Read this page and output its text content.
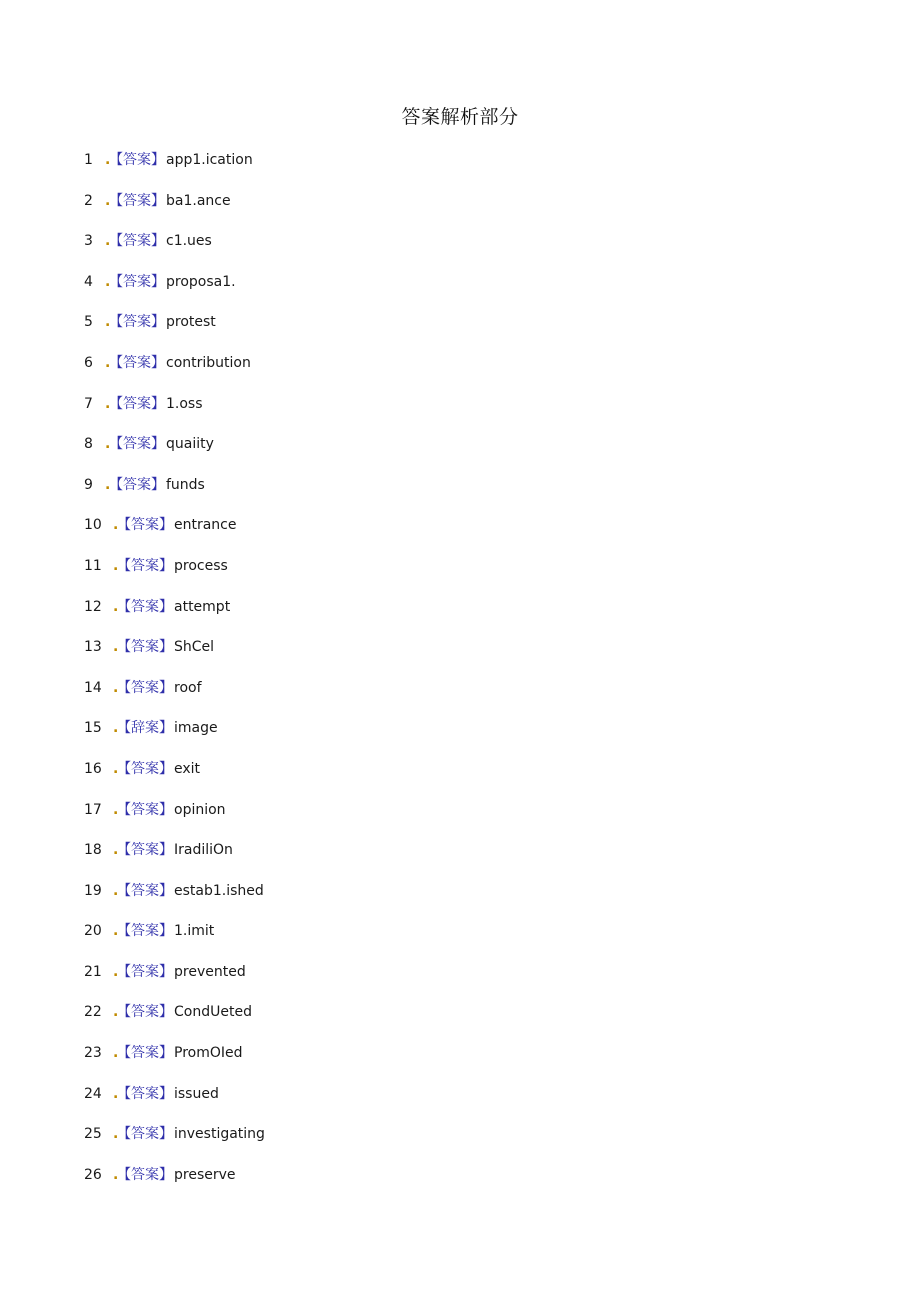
答案解析部分
1 .
【答案】 app1.ication
2 .
【答案】 ba1.ance
3 .
【答案】 c1.ues
4 .
【答案】 proposa1.
5 .
【答案】 protest
6 .
【答案】 contribution
7 .
【答案】 1.oss
8 .
【答案】 quaiity
9 .
【答案】 funds
10 .
【答案】 entrance
11 .
【答案】 process
12 .
【答案】 attempt
13 .
【答案】 ShCel
14 .
【答案】 roof
15 .
【辞案】 image
16 .
【答案】 exit
17 .
【答案】 opinion
18 .
【答案】 IradiliOn
19 .
【答案】 estab1.ished
20 .
【答案】 1.imit
21 .
【答案】 prevented
22 .
【答案】 CondUeted
23 .
【答案】 PromOIed
24 .
【答案】 issued
25 .
【答案】 investigating
26 .
【答案】 preserve
